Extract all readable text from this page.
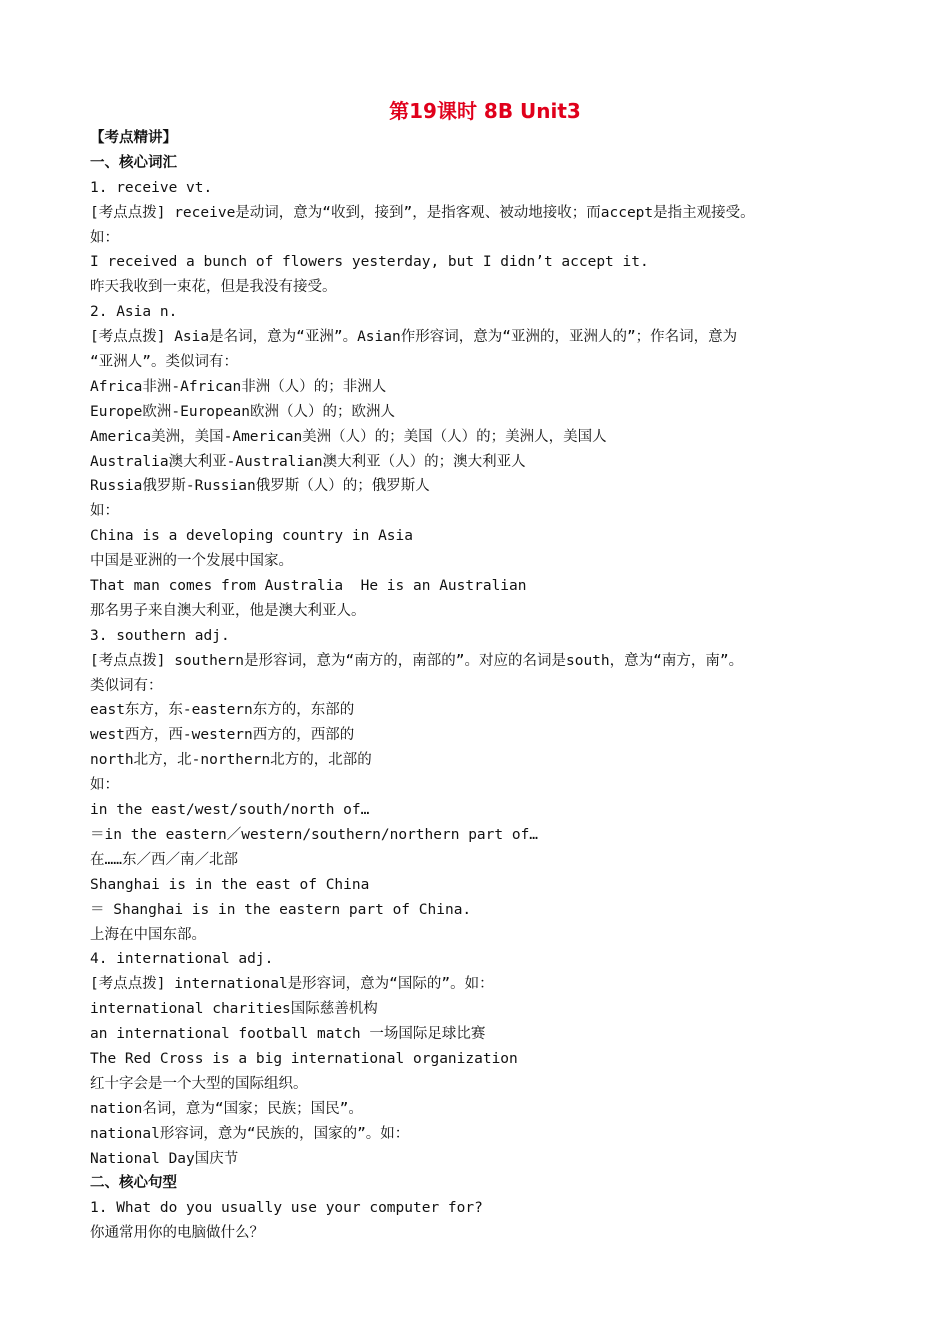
第19课时 8B Unit3
【考点精讲】
一、核心词汇
1. receive vt.
[考点点拨] receive是动词，意为“收到，接到”，是指客观、被动地接收；而accept是指主观接受。
如：
I received a bunch of flowers yesterday, but I didn’t accept it.
昨天我收到一束花，但是我没有接受。
2. Asia n.
[考点点拨] Asia是名词，意为“亚洲”。Asian作形容词，意为“亚洲的，亚洲人的”；作名词，意为
“亚洲人”。类似词有：
Africa非洲-African非洲（人）的；非洲人
Europe欧洲-European欧洲（人）的；欧洲人
America美洲，美国-American美洲（人）的；美国（人）的；美洲人，美国人
Australia澳大利亚-Australian澳大利亚（人）的；澳大利亚人
Russia俄罗斯-Russian俄罗斯（人）的；俄罗斯人
如：
China is a developing country in Asia
中国是亚洲的一个发展中国家。
That man comes from Australia  He is an Australian
那名男子来自澳大利亚，他是澳大利亚人。
3. southern adj.
[考点点拨] southern是形容词，意为“南方的，南部的”。对应的名词是south，意为“南方，南”。
类似词有：
east东方，东-eastern东方的，东部的
west西方，西-western西方的，西部的
north北方，北-northern北方的，北部的
如：
in the east/west/south/north of…
＝in the eastern／western/southern/northern part of…
在……东／西／南／北部
Shanghai is in the east of China
＝ Shanghai is in the eastern part of China.
上海在中国东部。
4. international adj.
[考点点拨] international是形容词，意为“国际的”。如：
international charities国际慈善机构
an international football match 一场国际足球比赛
The Red Cross is a big international organization
红十字会是一个大型的国际组织。
nation名词，意为“国家；民族；国民”。
national形容词，意为“民族的，国家的”。如：
National Day国庆节
二、核心句型
1. What do you usually use your computer for?
你通常用你的电脑做什么？
